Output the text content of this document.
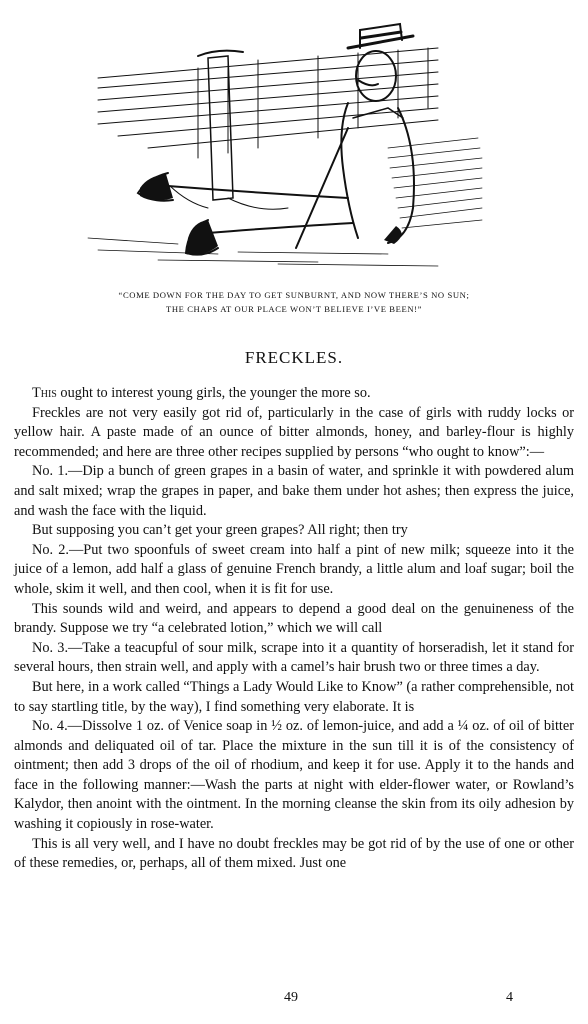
“COME DOWN FOR THE DAY TO GET SUNBURNT, AND NOW THERE’S NO SUN;
THE CHAPS AT OUR PLACE WON’T BELIEVE I’VE BEEN!”
FRECKLES.

This ought to interest young girls, the younger the more so.

Freckles are not very easily got rid of, particularly in the case of girls with ruddy locks or yellow hair. A paste made of an ounce of bitter almonds, honey, and barley-flour is highly recommended; and here are three other recipes supplied by persons “who ought to know”:—

No. 1.—Dip a bunch of green grapes in a basin of water, and sprinkle it with powdered alum and salt mixed; wrap the grapes in paper, and bake them under hot ashes; then express the juice, and wash the face with the liquid.

But supposing you can’t get your green grapes? All right; then try

No. 2.—Put two spoonfuls of sweet cream into half a pint of new milk; squeeze into it the juice of a lemon, add half a glass of genuine French brandy, a little alum and loaf sugar; boil the whole, skim it well, and then cool, when it is fit for use.

This sounds wild and weird, and appears to depend a good deal on the genuineness of the brandy. Suppose we try “a celebrated lotion,” which we will call

No. 3.—Take a teacupful of sour milk, scrape into it a quantity of horseradish, let it stand for several hours, then strain well, and apply with a camel’s hair brush two or three times a day.

But here, in a work called “Things a Lady Would Like to Know” (a rather comprehensible, not to say startling title, by the way), I find something very elaborate. It is

No. 4.—Dissolve 1 oz. of Venice soap in ½ oz. of lemon-juice, and add a ¼ oz. of oil of bitter almonds and deliquated oil of tar. Place the mixture in the sun till it is of the consistency of ointment; then add 3 drops of the oil of rhodium, and keep it for use. Apply it to the hands and face in the following manner:—Wash the parts at night with elder-flower water, or Rowland’s Kalydor, then anoint with the ointment. In the morning cleanse the skin from its oily adhesion by washing it copiously in rose-water.

This is all very well, and I have no doubt freckles may be got rid of by the use of one or other of these remedies, or, perhaps, all of them mixed. Just one

49	4
